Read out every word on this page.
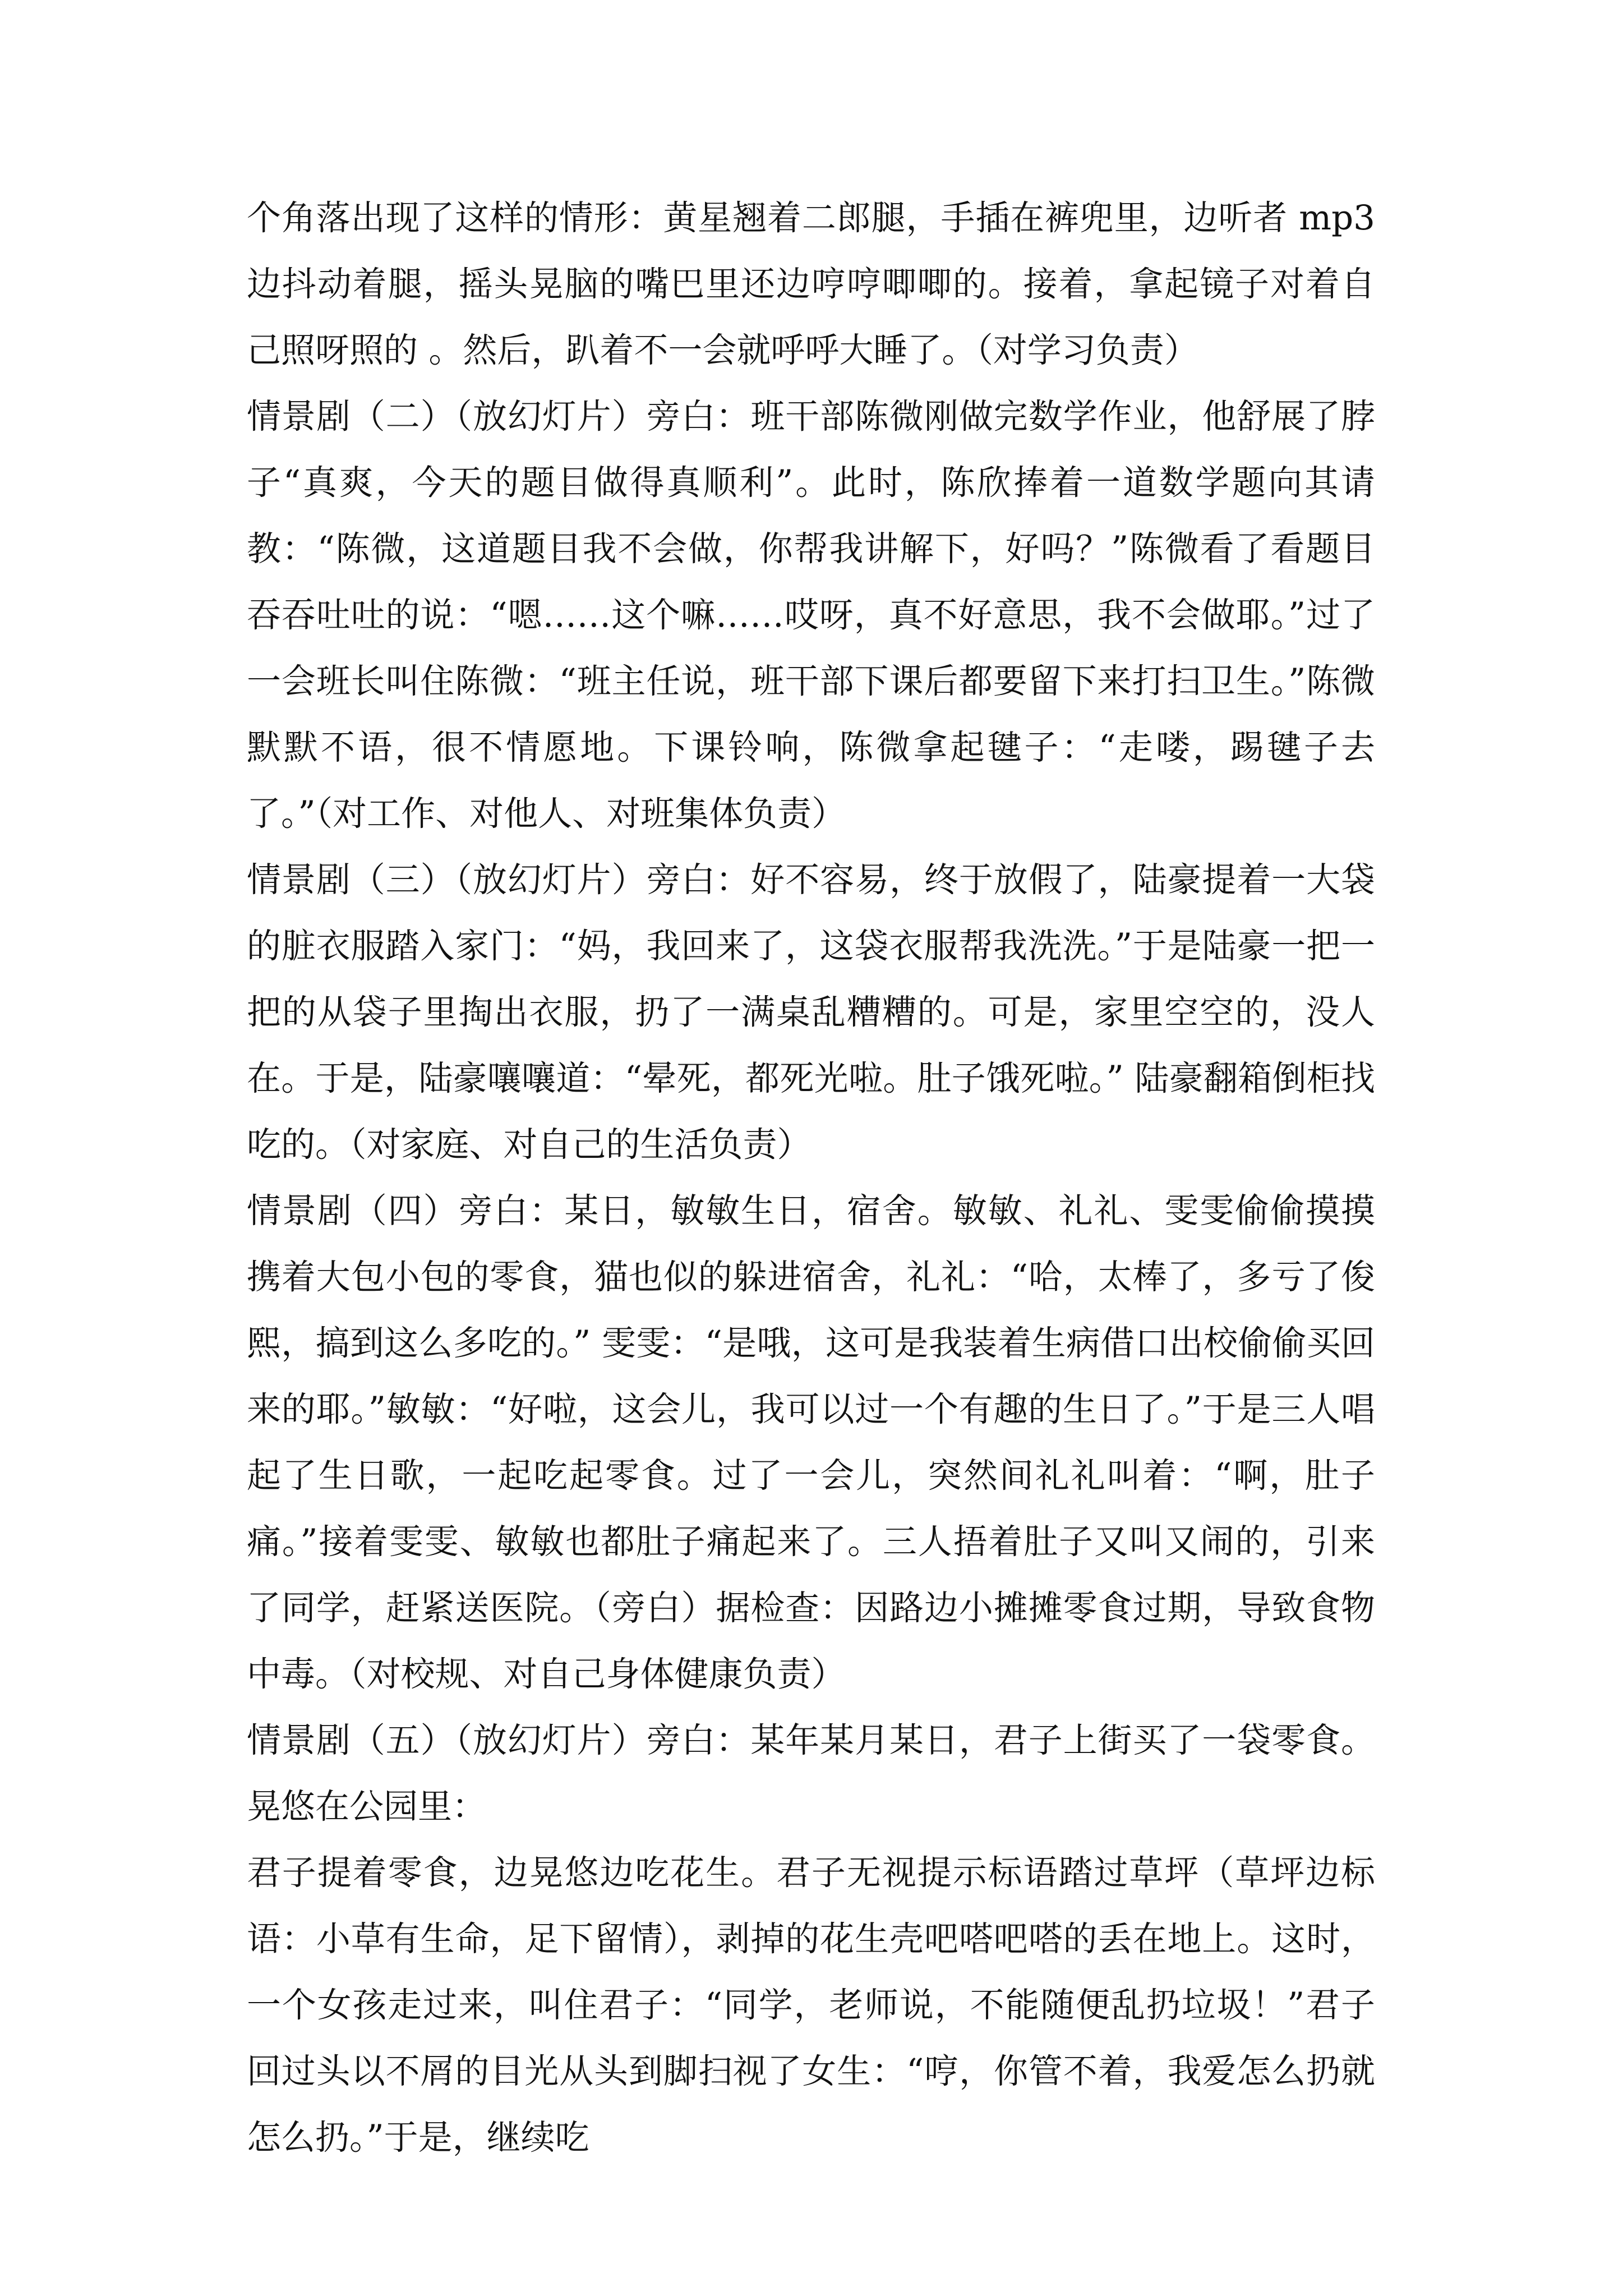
个角落出现了这样的情形：黄星翘着二郎腿，手插在裤兜里，边听者 mp3 边抖动着腿，摇头晃脑的嘴巴里还边哼哼唧唧的。接着，拿起镜子对着自己照呀照的 。然后，趴着不一会就呼呼大睡了。（对学习负责）

情景剧（二）（放幻灯片）旁白：班干部陈微刚做完数学作业，他舒展了脖子“真爽，今天的题目做得真顺利”。此时，陈欣捧着一道数学题向其请教：“陈微，这道题目我不会做，你帮我讲解下，好吗？”陈微看了看题目吞吞吐吐的说：“嗯……这个嘛……哎呀，真不好意思，我不会做耶。”过了一会班长叫住陈微：“班主任说，班干部下课后都要留下来打扫卫生。”陈微默默不语，很不情愿地。下课铃响，陈微拿起毽子：“走喽，踢毽子去了。”（对工作、对他人、对班集体负责）

情景剧（三）（放幻灯片）旁白：好不容易，终于放假了，陆豪提着一大袋的脏衣服踏入家门：“妈，我回来了，这袋衣服帮我洗洗。”于是陆豪一把一把的从袋子里掏出衣服，扔了一满桌乱糟糟的。可是，家里空空的，没人在。于是，陆豪嚷嚷道：“晕死，都死光啦。肚子饿死啦。” 陆豪翻箱倒柜找吃的。（对家庭、对自己的生活负责）

情景剧（四）旁白：某日，敏敏生日，宿舍。敏敏、礼礼、雯雯偷偷摸摸携着大包小包的零食，猫也似的躲进宿舍，礼礼：“哈，太棒了，多亏了俊熙，搞到这么多吃的。” 雯雯：“是哦，这可是我装着生病借口出校偷偷买回来的耶。”敏敏：“好啦，这会儿，我可以过一个有趣的生日了。”于是三人唱起了生日歌，一起吃起零食。过了一会儿，突然间礼礼叫着：“啊，肚子痛。”接着雯雯、敏敏也都肚子痛起来了。三人捂着肚子又叫又闹的，引来了同学，赶紧送医院。（旁白）据检查：因路边小摊摊零食过期，导致食物中毒。（对校规、对自己身体健康负责）

情景剧（五）（放幻灯片）旁白：某年某月某日，君子上街买了一袋零食。晃悠在公园里：

君子提着零食，边晃悠边吃花生。君子无视提示标语踏过草坪（草坪边标语：小草有生命，足下留情），剥掉的花生壳吧嗒吧嗒的丢在地上。这时，一个女孩走过来，叫住君子：“同学，老师说，不能随便乱扔垃圾！”君子回过头以不屑的目光从头到脚扫视了女生：“哼，你管不着，我爱怎么扔就怎么扔。”于是，继续吃
